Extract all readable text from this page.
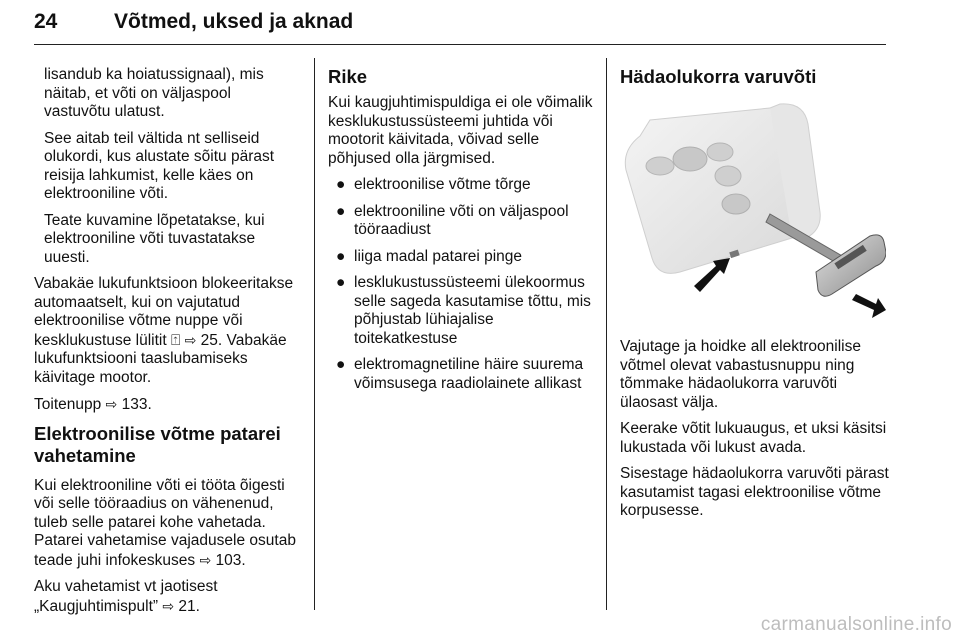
24	Võtmed, uksed ja aknad

lisandub ka hoiatussignaal), mis näitab, et võti on väljaspool vastuvõtu ulatust.

See aitab teil vältida nt selliseid olukordi, kus alustate sõitu pärast reisija lahkumist, kelle käes on elektrooniline võti.

Teate kuvamine lõpetatakse, kui elektrooniline võti tuvastatakse uuesti.

Vabakäe lukufunktsioon blokeeritakse automaatselt, kui on vajutatud elektroonilise võtme nuppe või kesklukustuse lülitit ⍐ ⇨ 25. Vabakäe lukufunktsiooni taaslubamiseks käivitage mootor.

Toitenupp ⇨ 133.

Elektroonilise võtme patarei vahetamine

Kui elektrooniline võti ei tööta õigesti või selle tööraadius on vähenenud, tuleb selle patarei kohe vahetada. Patarei vahetamise vajadusele osutab teade juhi infokeskuses ⇨ 103.

Aku vahetamist vt jaotisest „Kaugjuhtimispult” ⇨ 21.

Rike

Kui kaugjuhtimispuldiga ei ole võimalik kesklukustussüsteemi juhtida või mootorit käivitada, võivad selle põhjused olla järgmised.

● elektroonilise võtme tõrge
● elektrooniline võti on väljaspool tööraadiust
● liiga madal patarei pinge
● lesklukustussüsteemi ülekoormus selle sageda kasutamise tõttu, mis põhjustab lühiajalise toitekatkestuse
● elektromagnetiline häire suurema võimsusega raadiolainete allikast
Hädaolukorra varuvõti

Vajutage ja hoidke all elektroonilise võtmel olevat vabastusnuppu ning tõmmake hädaolukorra varuvõti ülaosast välja.

Keerake võtit lukuaugus, et uksi käsitsi lukustada või lukust avada.

Sisestage hädaolukorra varuvõti pärast kasutamist tagasi elektroonilise võtme korpusesse.

carmanualsonline.info
